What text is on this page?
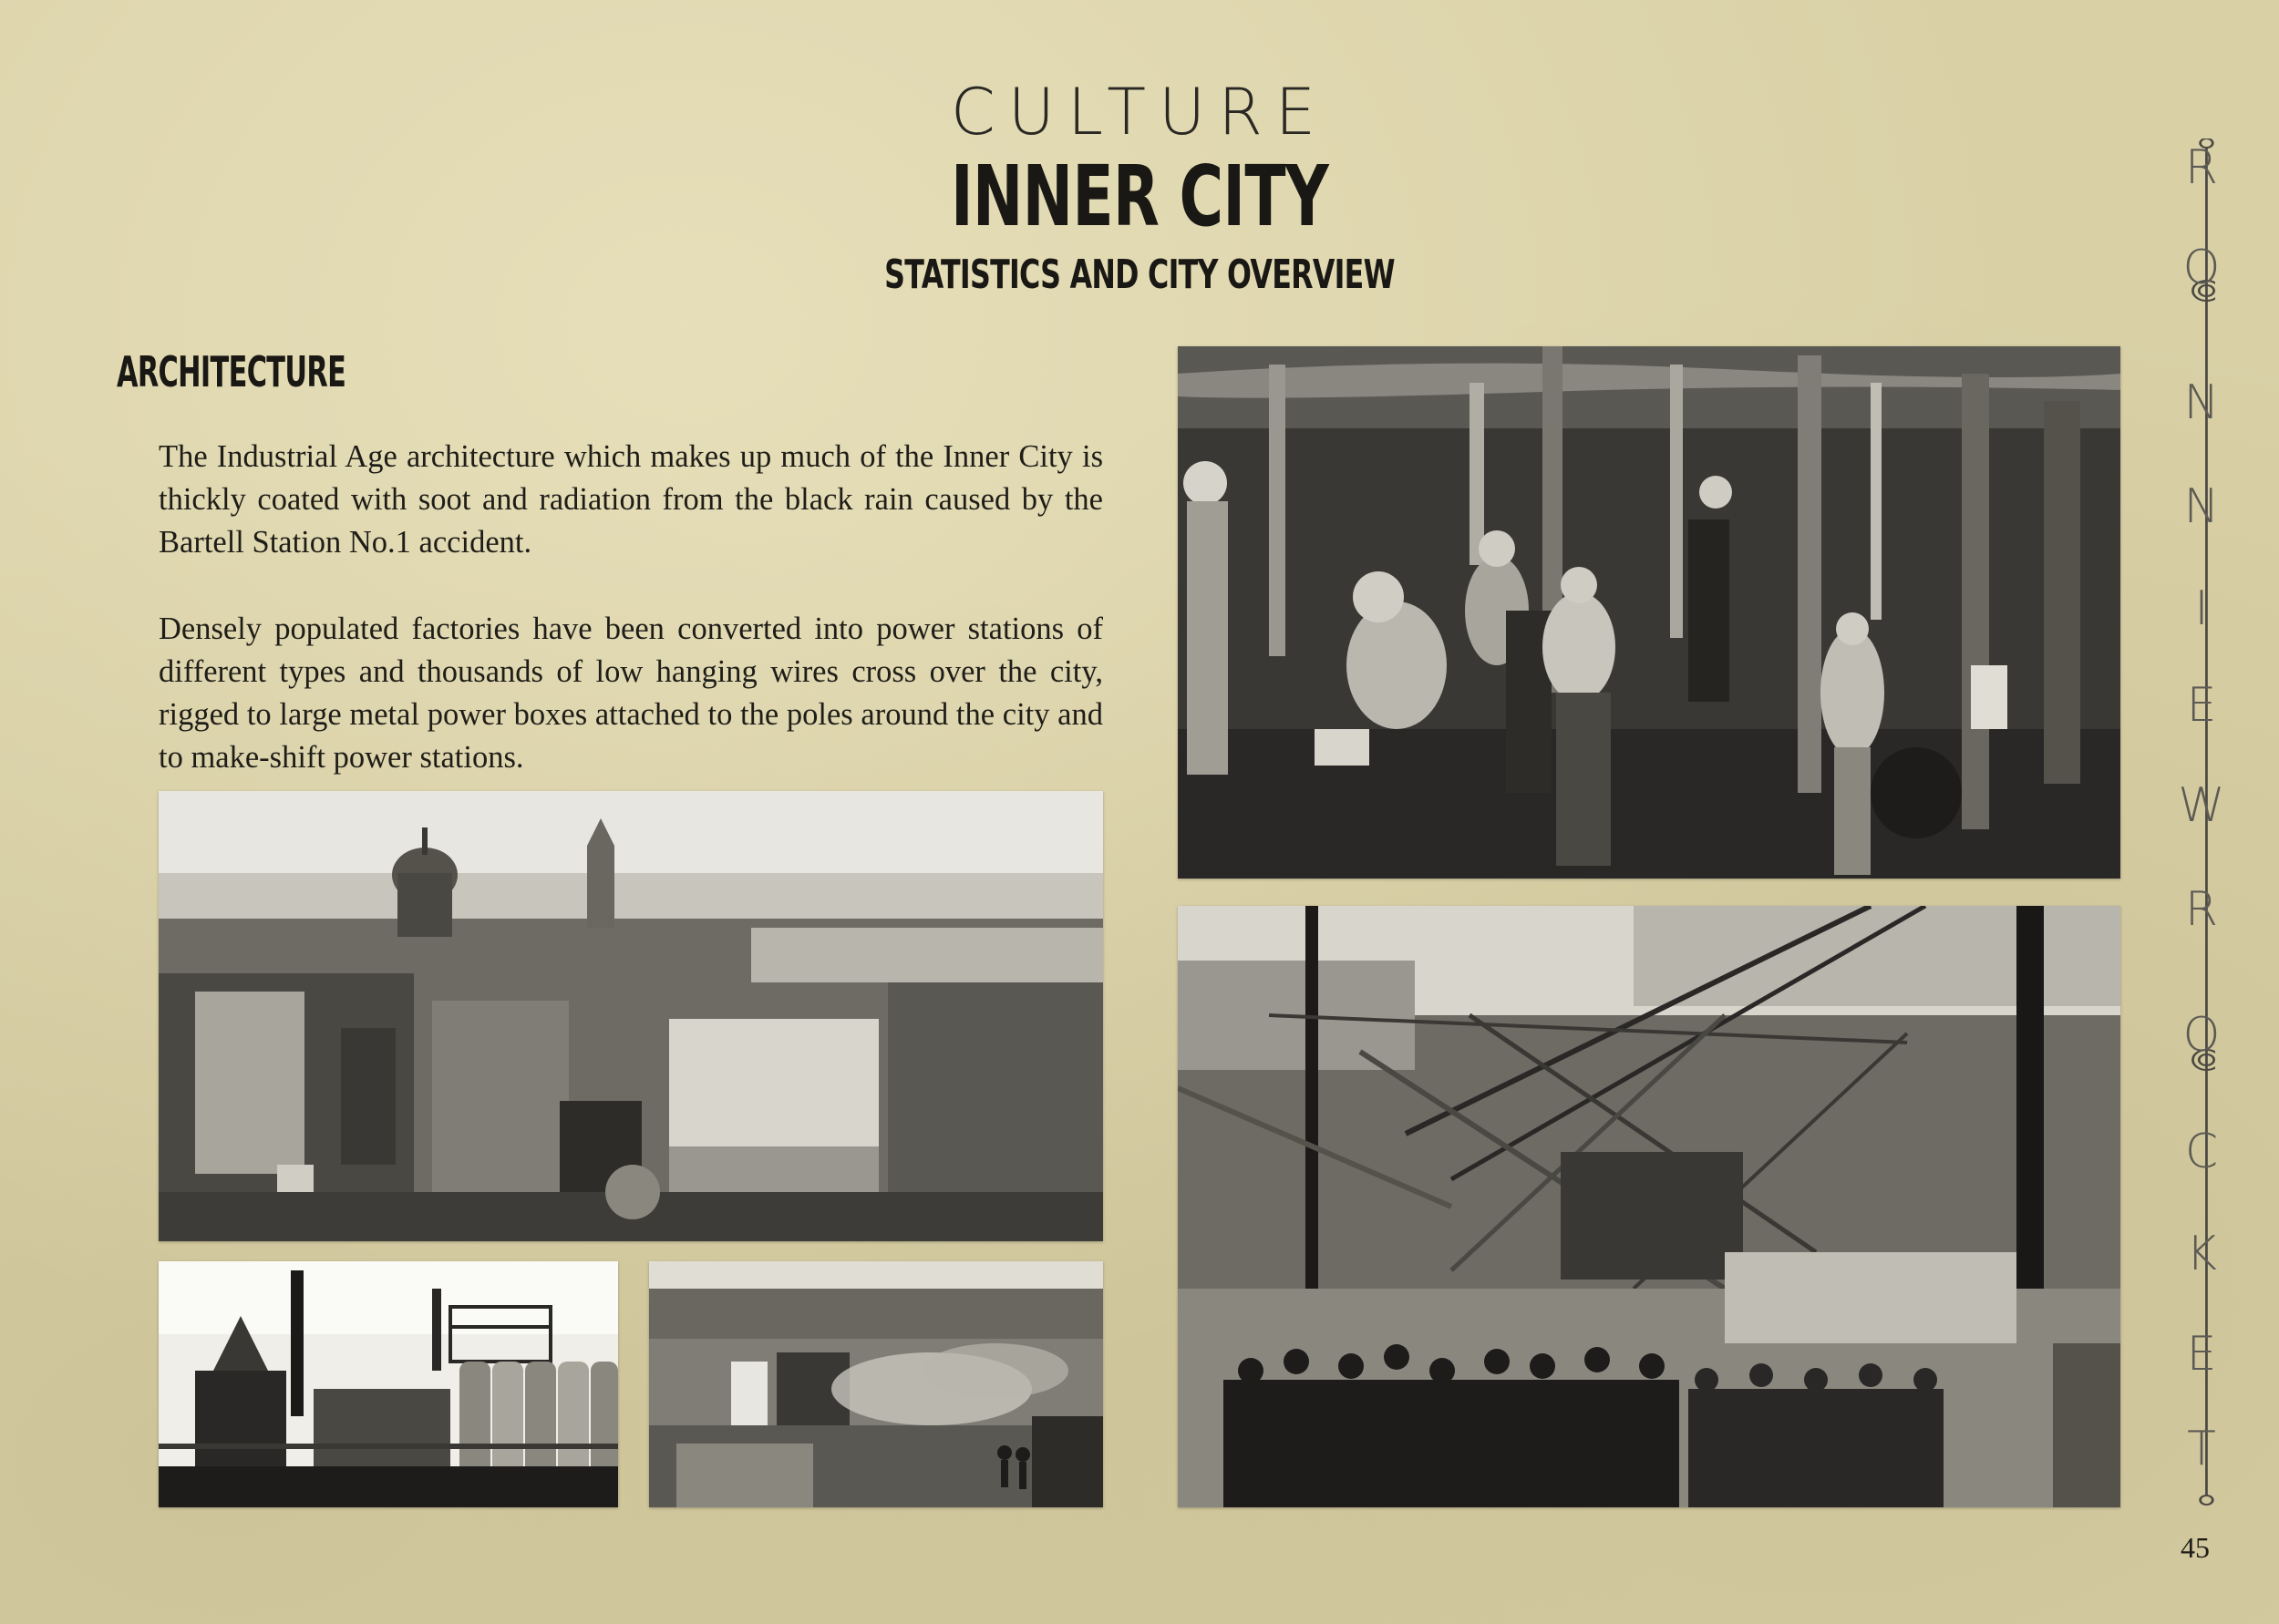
CULTURE
INNER CITY
STATISTICS AND CITY OVERVIEW
ARCHITECTURE

The Industrial Age architecture which makes up much of the Inner City is thickly coated with soot and radiation from the black rain caused by the Bartell Station No.1 accident.

Densely populated factories have been converted into power stations of different types and thousands of low hanging wires cross over the city, rigged to large metal power boxes attached to the poles around the city and to make-shift power stations.

R
O
N
N
I
E
W
R
O
C
K
E
T
45
